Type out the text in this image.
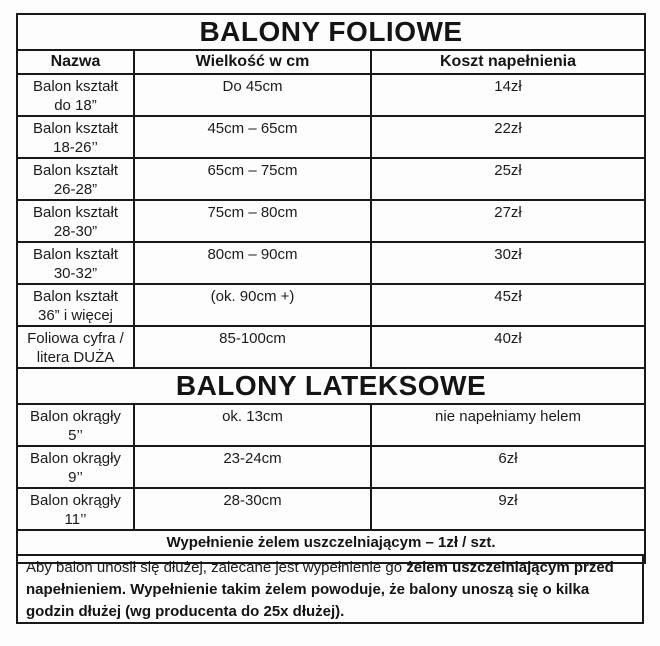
BALONY FOLIOWE		
Nazwa	Wielkość w cm	Koszt napełnienia

Balon kształt
do 18”	Do 45cm	14zł

Balon kształt
18-26’’	45cm – 65cm	22zł

Balon kształt
26-28”	65cm – 75cm	25zł

Balon kształt
28-30”	75cm – 80cm	27zł

Balon kształt
30-32”	80cm – 90cm	30zł

Balon kształt
36” i więcej	(ok. 90cm +)	45zł

Foliowa cyfra /
litera DUŻA	85-100cm	40zł
BALONY LATEKSOWE		

Balon okrągły
5’’	ok. 13cm	nie napełniamy helem

Balon okrągły
9’’	23-24cm	6zł

Balon okrągły
11’’	28-30cm	9zł
Wypełnienie żelem uszczelniającym – 1zł / szt.		
Aby balon unosił się dłużej, zalecane jest wypełnienie go żelem uszczelniającym przed napełnieniem. Wypełnienie takim żelem powoduje, że balony unoszą się o kilka godzin dłużej (wg producenta do 25x dłużej).
